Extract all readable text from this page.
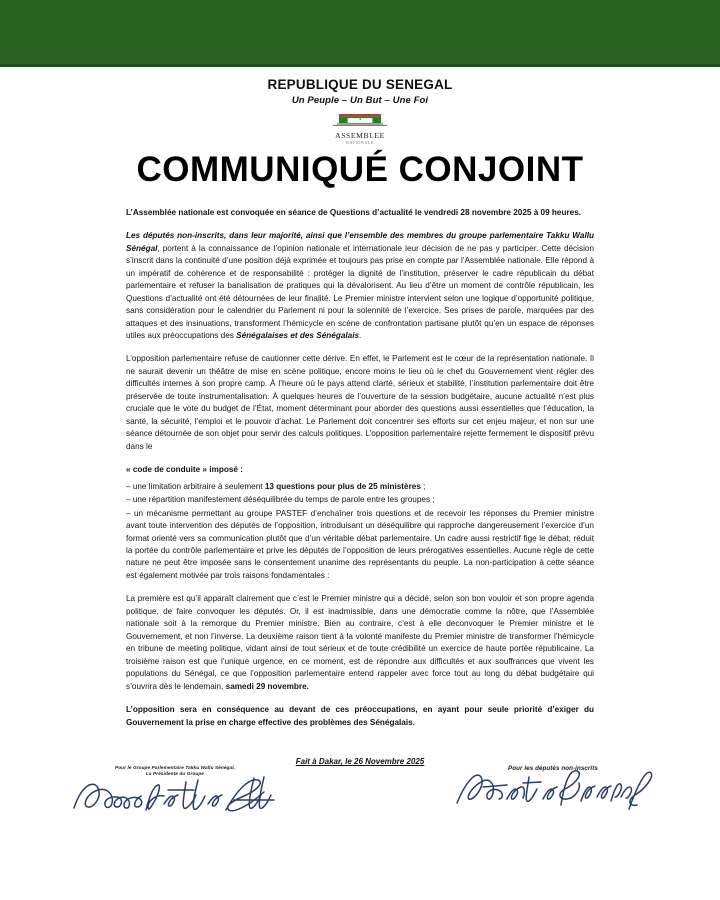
REPUBLIQUE DU SENEGAL
Un Peuple – Un But – Une Foi
ASSEMBLEE
NATIONALE
COMMUNIQUÉ CONJOINT

L’Assemblée nationale est convoquée en séance de Questions d’actualité le vendredi 28 novembre 2025 à 09 heures.

Les députés non-inscrits, dans leur majorité, ainsi que l’ensemble des membres du groupe parlementaire Takku Wallu Sénégal, portent à la connaissance de l’opinion nationale et internationale leur décision de ne pas y participer. Cette décision s’inscrit dans la continuité d’une position déjà exprimée et toujours pas prise en compte par l’Assemblée nationale. Elle répond à un impératif de cohérence et de responsabilité : protéger la dignité de l’institution, préserver le cadre républicain du débat parlementaire et refuser la banalisation de pratiques qui la dévalorisent. Au lieu d’être un moment de contrôle républicain, les Questions d’actualité ont été détournées de leur finalité. Le Premier ministre intervient selon une logique d’opportunité politique, sans considération pour le calendrier du Parlement ni pour la solennité de l’exercice. Ses prises de parole, marquées par des attaques et des insinuations, transforment l’hémicycle en scène de confrontation partisane plutôt qu’en un espace de réponses utiles aux préoccupations des Sénégalaises et des Sénégalais.

L’opposition parlementaire refuse de cautionner cette dérive. En effet, le Parlement est le cœur de la représentation nationale. Il ne saurait devenir un théâtre de mise en scène politique, encore moins le lieu où le chef du Gouvernement vient régler des difficultés internes à son propre camp. À l’heure où le pays attend clarté, sérieux et stabilité, l’institution parlementaire doit être préservée de toute instrumentalisation. À quelques heures de l’ouverture de la session budgétaire, aucune actualité n’est plus cruciale que le vote du budget de l’État, moment déterminant pour aborder des questions aussi essentielles que l’éducation, la santé, la sécurité, l’emploi et le pouvoir d’achat. Le Parlement doit concentrer ses efforts sur cet enjeu majeur, et non sur une séance détournée de son objet pour servir des calculs politiques. L’opposition parlementaire rejette fermement le dispositif prévu dans le

« code de conduite » imposé :

– une limitation arbitraire à seulement 13 questions pour plus de 25 ministères ;
– une répartition manifestement déséquilibrée du temps de parole entre les groupes ;
– un mécanisme permettant au groupe PASTEF d’enchaîner trois questions et de recevoir les réponses du Premier ministre avant toute intervention des députés de l’opposition, introduisant un déséquilibre qui rapproche dangereusement l’exercice d’un format orienté vers sa communication plutôt que d’un véritable débat parlementaire. Un cadre aussi restrictif fige le débat, réduit la portée du contrôle parlementaire et prive les députés de l’opposition de leurs prérogatives essentielles. Aucune règle de cette nature ne peut être imposée sans le consentement unanime des représentants du peuple. La non-participation à cette séance est également motivée par trois raisons fondamentales :

La première est qu’il apparaît clairement que c’est le Premier ministre qui a décidé, selon son bon vouloir et son propre agenda politique, de faire convoquer les députés. Or, il est inadmissible, dans une démocratie comme la nôtre, que l’Assemblée nationale soit à la remorque du Premier ministre. Bien au contraire, c’est à elle deconvoquer le Premier ministre et le Gouvernement, et non l’inverse. La deuxième raison tient à la volonté manifeste du Premier ministre de transformer l’hémicycle en tribune de meeting politique, vidant ainsi de tout sérieux et de toute crédibilité un exercice de haute portée républicaine. La troisième raison est que l’unique urgence, en ce moment, est de répondre aux difficultés et aux souffrances que vivent les populations du Sénégal, ce que l’opposition parlementaire entend rappeler avec force tout au long du débat budgétaire qui s’ouvrira dès le lendemain, samedi 29 novembre.

L’opposition sera en conséquence au devant de ces préoccupations, en ayant pour seule priorité d’exiger du Gouvernement la prise en charge effective des problèmes des Sénégalais.

Fait à Dakar, le 26 Novembre 2025
Pour le Groupe Parlementaire Takku Wallu Sénégal,
La Présidente du Groupe
Pour les députés non-inscrits
